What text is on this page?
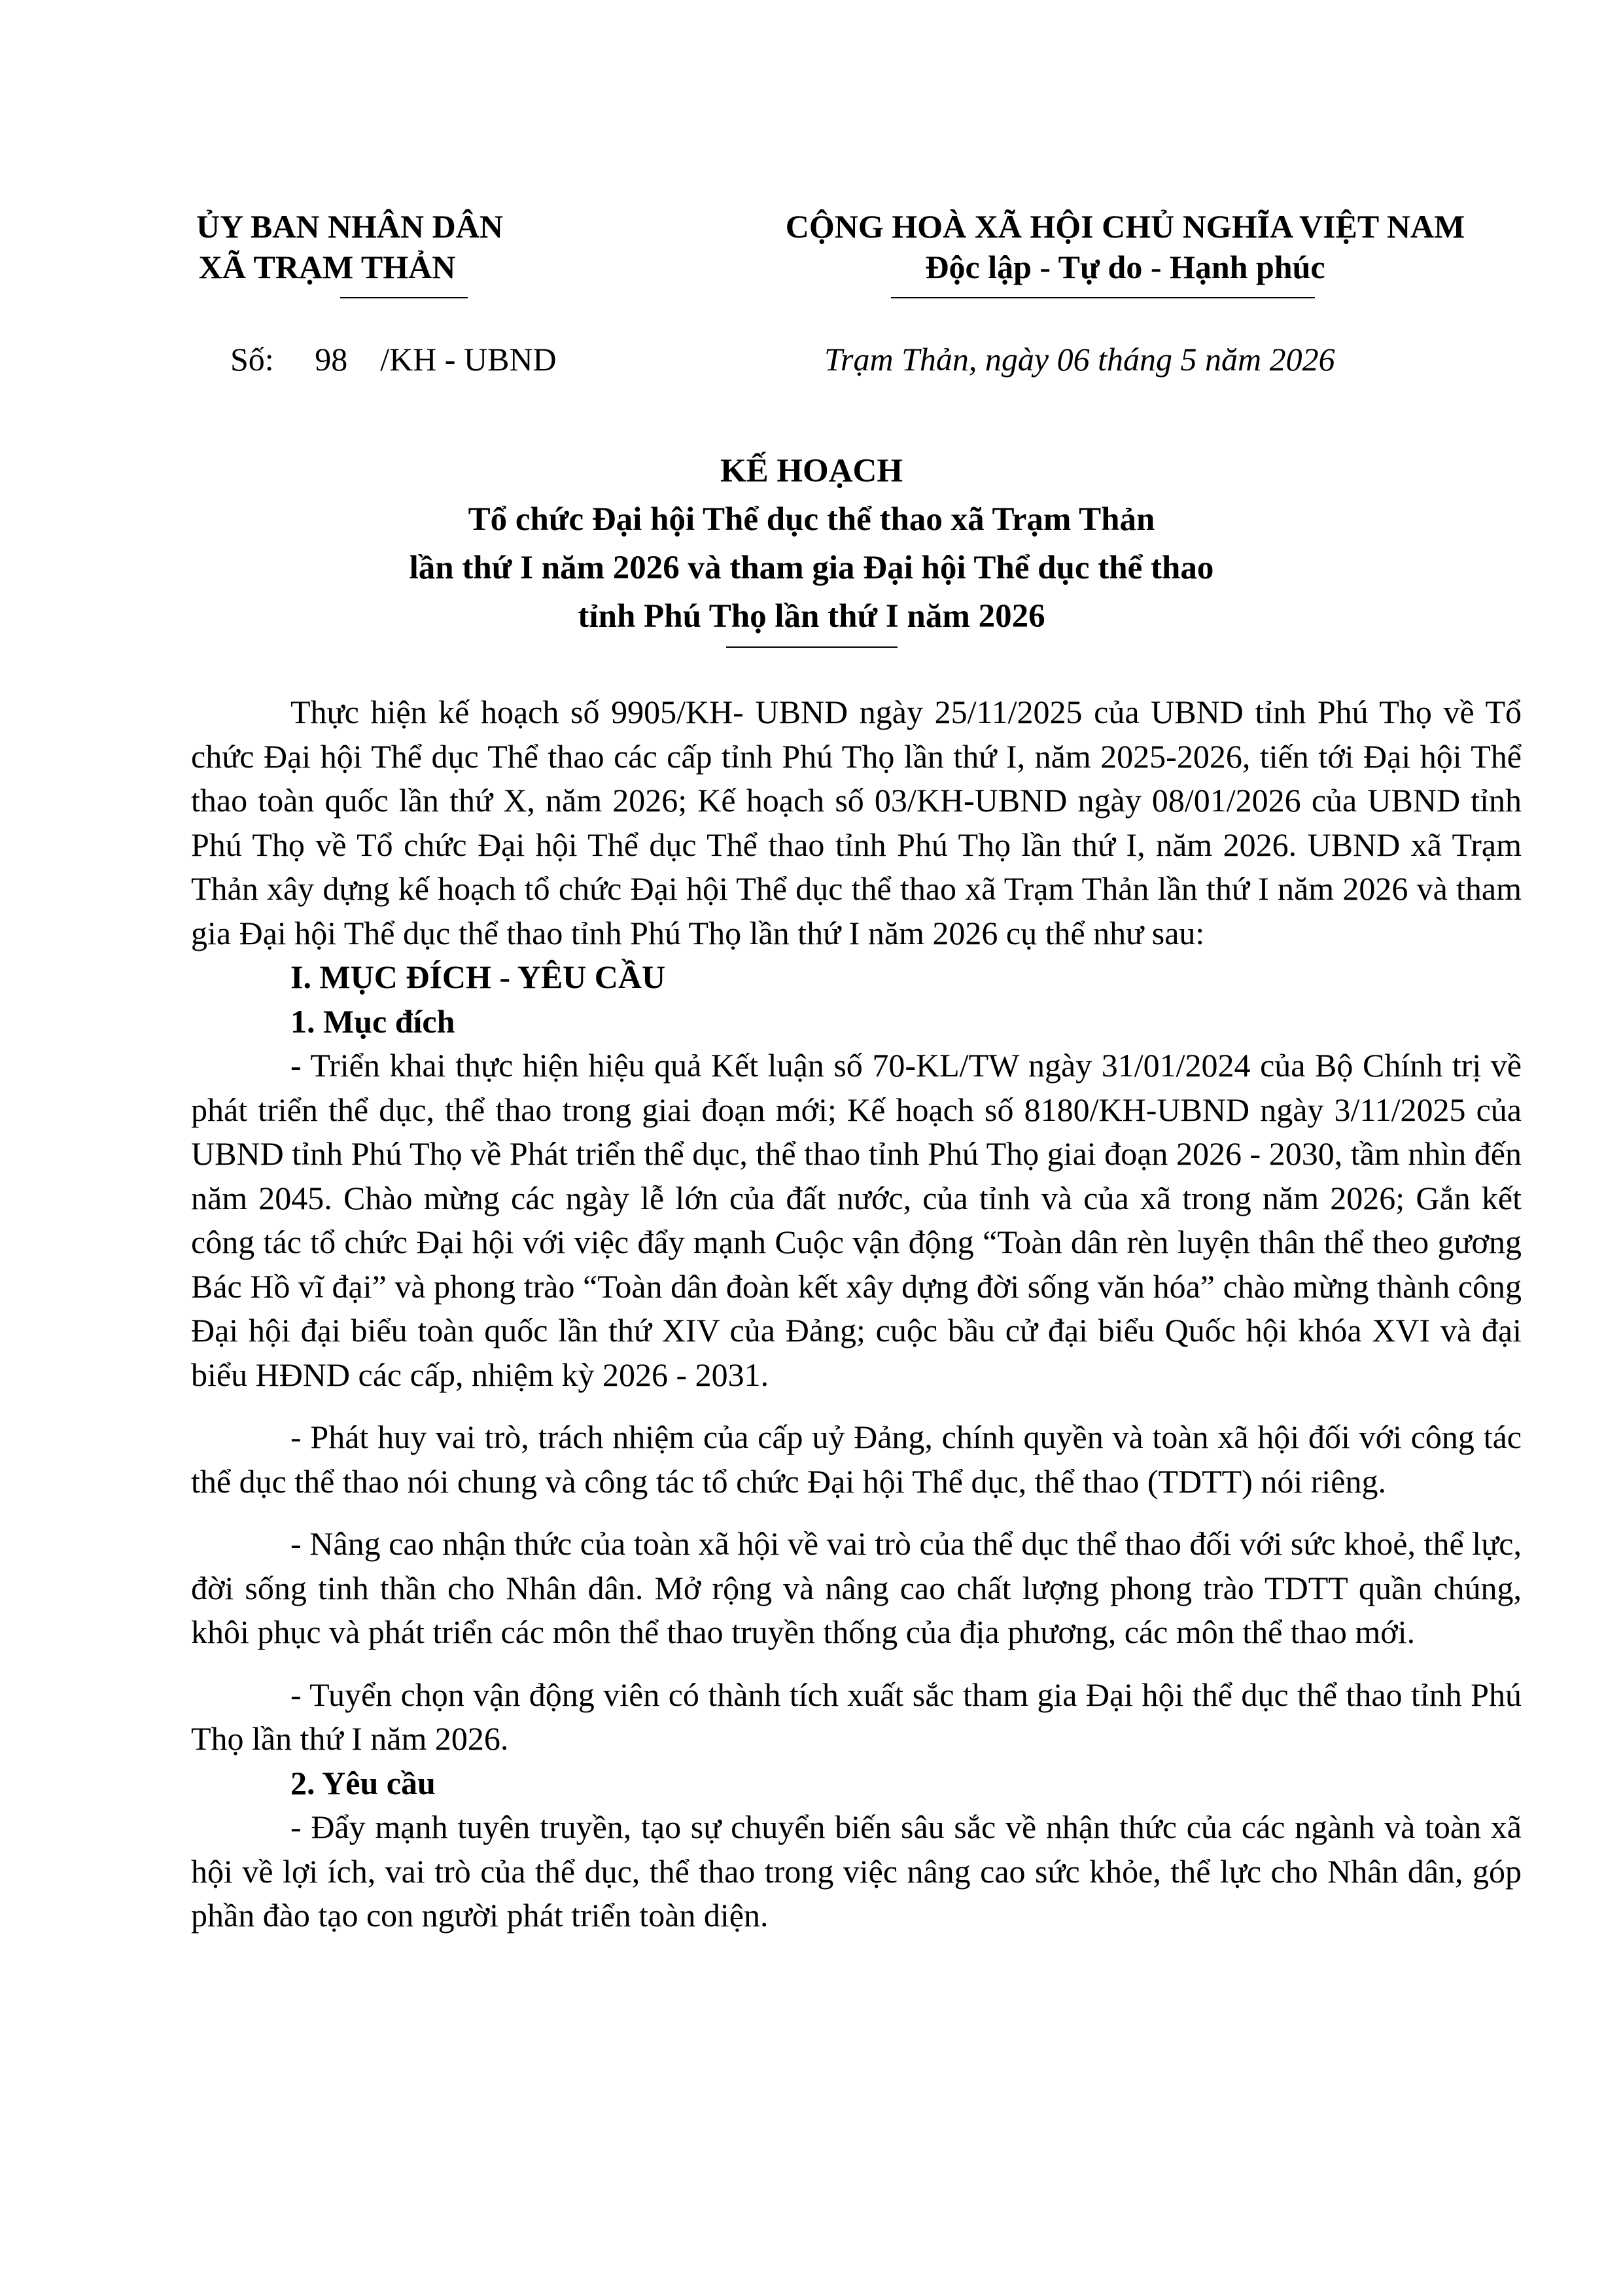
ỦY BAN NHÂN DÂN
XÃ TRẠM THẢN
CỘNG HOÀ XÃ HỘI CHỦ NGHĨA VIỆT NAM
Độc lập - Tự do - Hạnh phúc
Số:     98    /KH - UBND	Trạm Thản, ngày 06 tháng 5 năm 2026
KẾ HOẠCH
Tổ chức Đại hội Thể dục thể thao xã Trạm Thản
lần thứ I năm 2026 và tham gia Đại hội Thể dục thể thao
tỉnh Phú Thọ lần thứ I năm 2026

Thực hiện kế hoạch số 9905/KH- UBND ngày 25/11/2025 của UBND tỉnh Phú Thọ về Tổ chức Đại hội Thể dục Thể thao các cấp tỉnh Phú Thọ lần thứ I, năm 2025-2026, tiến tới Đại hội Thể thao toàn quốc lần thứ X, năm 2026; Kế hoạch số 03/KH-UBND ngày 08/01/2026 của UBND tỉnh Phú Thọ về Tổ chức Đại hội Thể dục Thể thao tỉnh Phú Thọ lần thứ I, năm 2026. UBND xã Trạm Thản xây dựng kế hoạch tổ chức Đại hội Thể dục thể thao xã Trạm Thản lần thứ I năm 2026 và tham gia Đại hội Thể dục thể thao tỉnh Phú Thọ lần thứ I năm 2026 cụ thể như sau:

I. MỤC ĐÍCH - YÊU CẦU

1. Mục đích

- Triển khai thực hiện hiệu quả Kết luận số 70-KL/TW ngày 31/01/2024 của Bộ Chính trị về phát triển thể dục, thể thao trong giai đoạn mới; Kế hoạch số 8180/KH-UBND ngày 3/11/2025 của UBND tỉnh Phú Thọ về Phát triển thể dục, thể thao tỉnh Phú Thọ giai đoạn 2026 - 2030, tầm nhìn đến năm 2045. Chào mừng các ngày lễ lớn của đất nước, của tỉnh và của xã trong năm 2026; Gắn kết công tác tổ chức Đại hội với việc đẩy mạnh Cuộc vận động “Toàn dân rèn luyện thân thể theo gương Bác Hồ vĩ đại” và phong trào “Toàn dân đoàn kết xây dựng đời sống văn hóa” chào mừng thành công Đại hội đại biểu toàn quốc lần thứ XIV của Đảng; cuộc bầu cử đại biểu Quốc hội khóa XVI và đại biểu HĐND các cấp, nhiệm kỳ 2026 - 2031.

- Phát huy vai trò, trách nhiệm của cấp uỷ Đảng, chính quyền và toàn xã hội đối với công tác thể dục thể thao nói chung và công tác tổ chức Đại hội Thể dục, thể thao (TDTT) nói riêng.

- Nâng cao nhận thức của toàn xã hội về vai trò của thể dục thể thao đối với sức khoẻ, thể lực, đời sống tinh thần cho Nhân dân. Mở rộng và nâng cao chất lượng phong trào TDTT quần chúng, khôi phục và phát triển các môn thể thao truyền thống của địa phương, các môn thể thao mới.

- Tuyển chọn vận động viên có thành tích xuất sắc tham gia Đại hội thể dục thể thao tỉnh Phú Thọ lần thứ I năm 2026.

2. Yêu cầu

- Đẩy mạnh tuyên truyền, tạo sự chuyển biến sâu sắc về nhận thức của các ngành và toàn xã hội về lợi ích, vai trò của thể dục, thể thao trong việc nâng cao sức khỏe, thể lực cho Nhân dân, góp phần đào tạo con người phát triển toàn diện.
